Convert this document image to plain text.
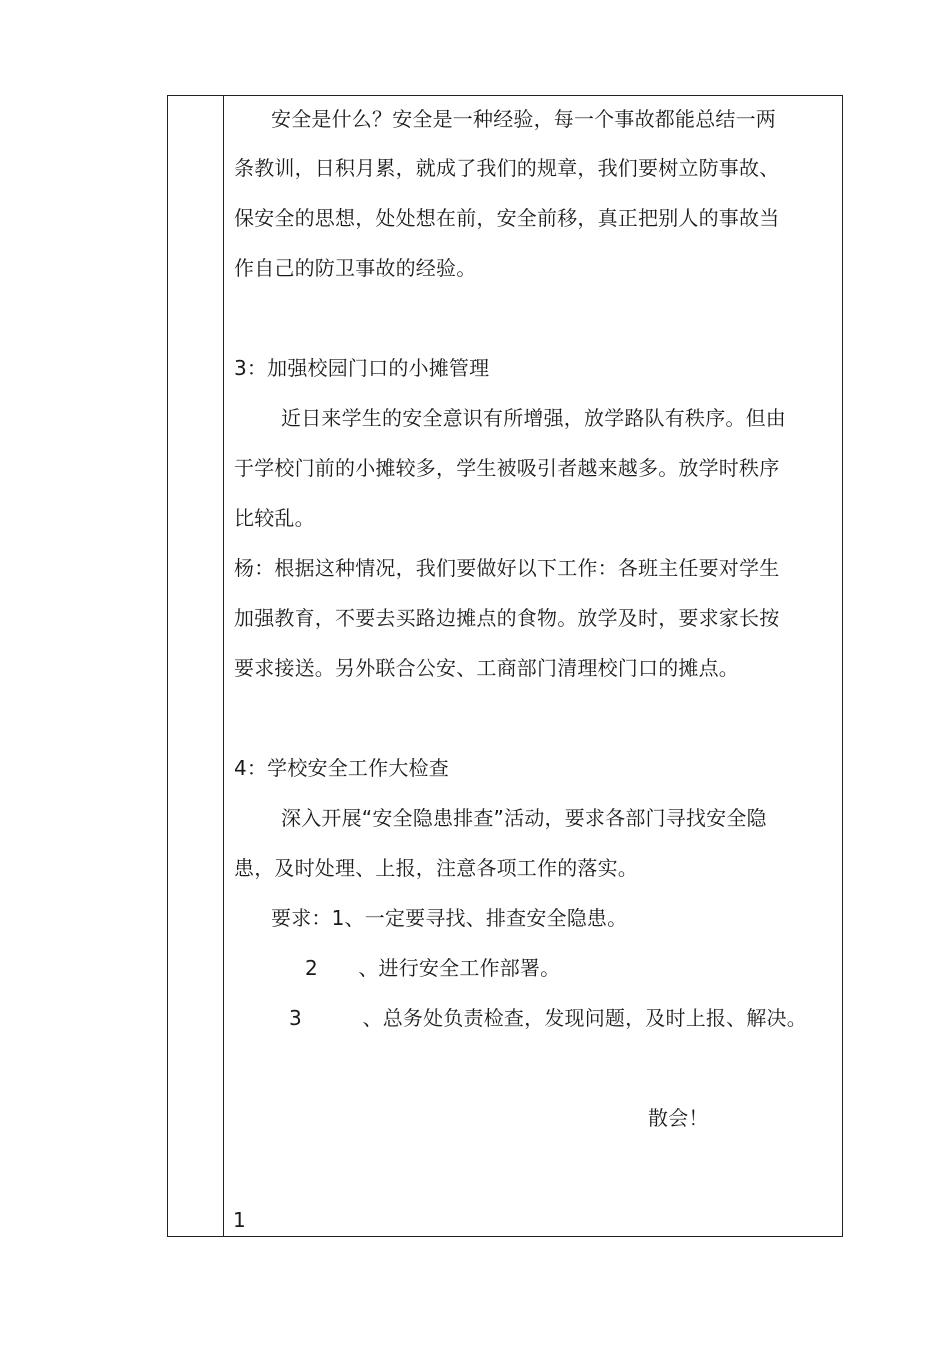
安全是什么？安全是一种经验，每一个事故都能总结一两
条教训，日积月累，就成了我们的规章，我们要树立防事故、
保安全的思想，处处想在前，安全前移，真正把别人的事故当
作自己的防卫事故的经验。
3：加强校园门口的小摊管理
近日来学生的安全意识有所增强，放学路队有秩序。但由
于学校门前的小摊较多，学生被吸引者越来越多。放学时秩序
比较乱。
杨：根据这种情况，我们要做好以下工作：各班主任要对学生
加强教育，不要去买路边摊点的食物。放学及时，要求家长按
要求接送。另外联合公安、工商部门清理校门口的摊点。
4：学校安全工作大检查
深入开展“安全隐患排查”活动，要求各部门寻找安全隐
患，及时处理、上报，注意各项工作的落实。
要求：1、一定要寻找、排查安全隐患。
2　　、进行安全工作部署。
3　　　、总务处负责检查，发现问题，及时上报、解决。
散会！
1
